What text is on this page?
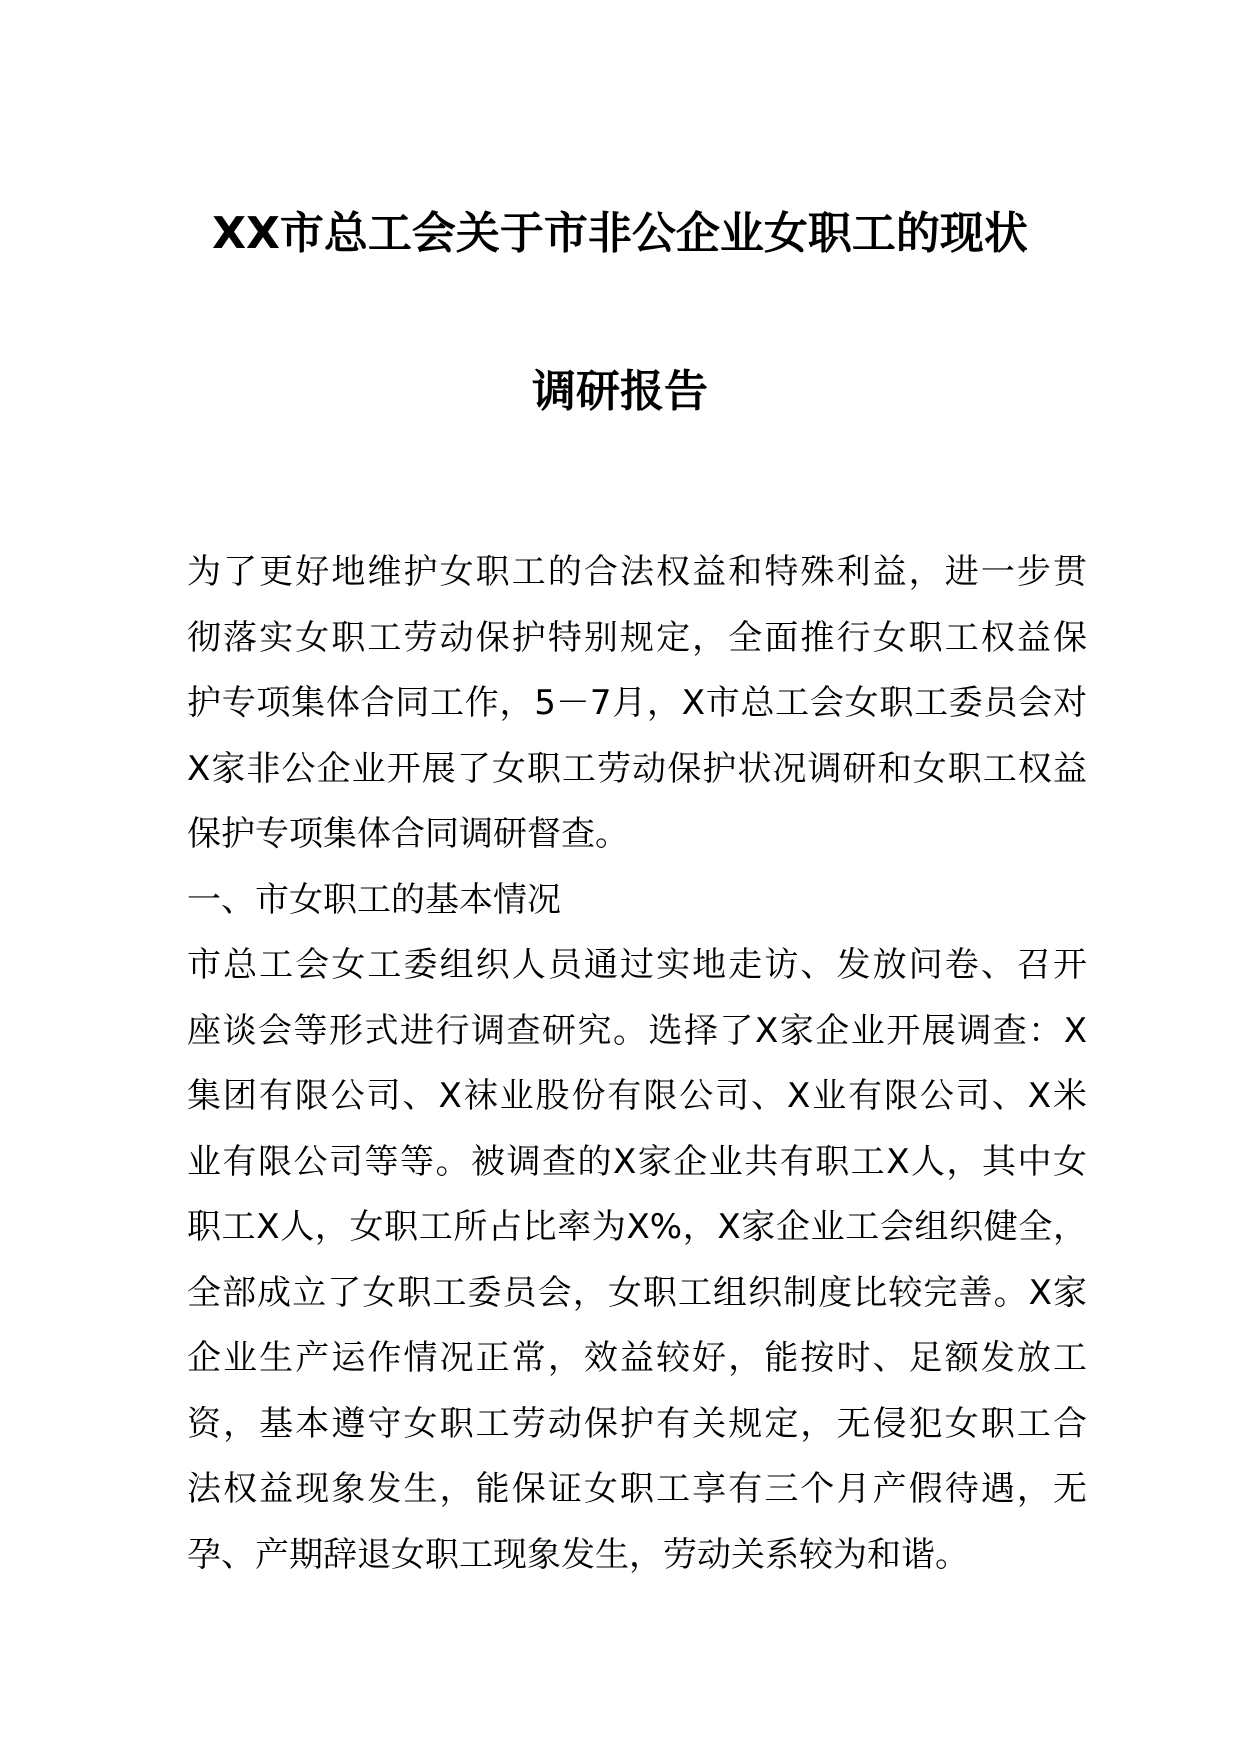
XX市总工会关于市非公企业女职工的现状
调研报告
为了更好地维护女职工的合法权益和特殊利益，进一步贯
彻落实女职工劳动保护特别规定，全面推行女职工权益保
护专项集体合同工作，5－7月，X市总工会女职工委员会对
X家非公企业开展了女职工劳动保护状况调研和女职工权益
保护专项集体合同调研督查。
一、市女职工的基本情况
市总工会女工委组织人员通过实地走访、发放问卷、召开
座谈会等形式进行调查研究。选择了X家企业开展调查：X
集团有限公司、X袜业股份有限公司、X业有限公司、X米
业有限公司等等。被调查的X家企业共有职工X人，其中女
职工X人，女职工所占比率为X%，X家企业工会组织健全，
全部成立了女职工委员会，女职工组织制度比较完善。X家
企业生产运作情况正常，效益较好，能按时、足额发放工
资，基本遵守女职工劳动保护有关规定，无侵犯女职工合
法权益现象发生，能保证女职工享有三个月产假待遇，无
孕、产期辞退女职工现象发生，劳动关系较为和谐。
